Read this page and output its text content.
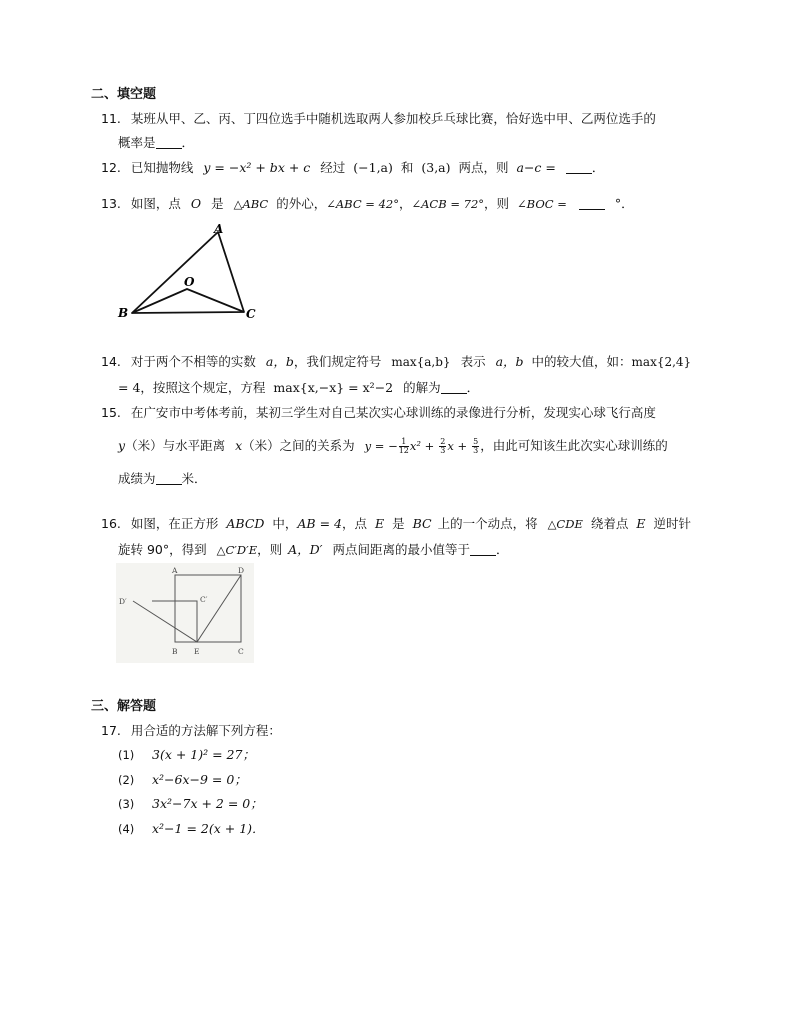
二、填空题
11. 某班从甲、乙、丙、丁四位选手中随机选取两人参加校乒乓球比赛，恰好选中甲、乙两位选手的
概率是 ．
12. 已知抛物线 y = −x² + bx + c 经过 (−1,a) 和 (3,a) 两点，则 a−c =	．
13. 如图，点 O 是 △ABC 的外心，∠ABC = 42°，∠ACB = 72°，则 ∠BOC =	°．
A
B	C
O
14. 对于两个不相等的实数 a，b，我们规定符号 max{a,b} 表示 a，b 中的较大值，如：max{2,4}
= 4，按照这个规定，方程 max{x,−x} = x²−2 的解为 ．
15. 在广安市中考体考前，某初三学生对自己某次实心球训练的录像进行分析，发现实心球飞行高度
y（米）与水平距离 x（米）之间的关系为 y = − $\frac{1}{12} x^2 + \frac{2}{3}$ $x + \frac{5}{3}$ ，由此可知该生此次实心球训练的
成绩为 米．
16. 如图，在正方形 ABCD 中，AB = 4，点 E 是 BC 上的一个动点，将 △CDE 绕着点 E 逆时针
旋转 90°，得到 △C′D′E，则 A，D′ 两点间距离的最小值等于 ．
A	D
D′	C′
B E	C
三、解答题
17. 用合适的方法解下列方程：
(1) 3(x + 1)² = 27；
(2) x²−6x−9 = 0；
(3) 3x²−7x + 2 = 0；
(4) x²−1 = 2(x + 1)．
